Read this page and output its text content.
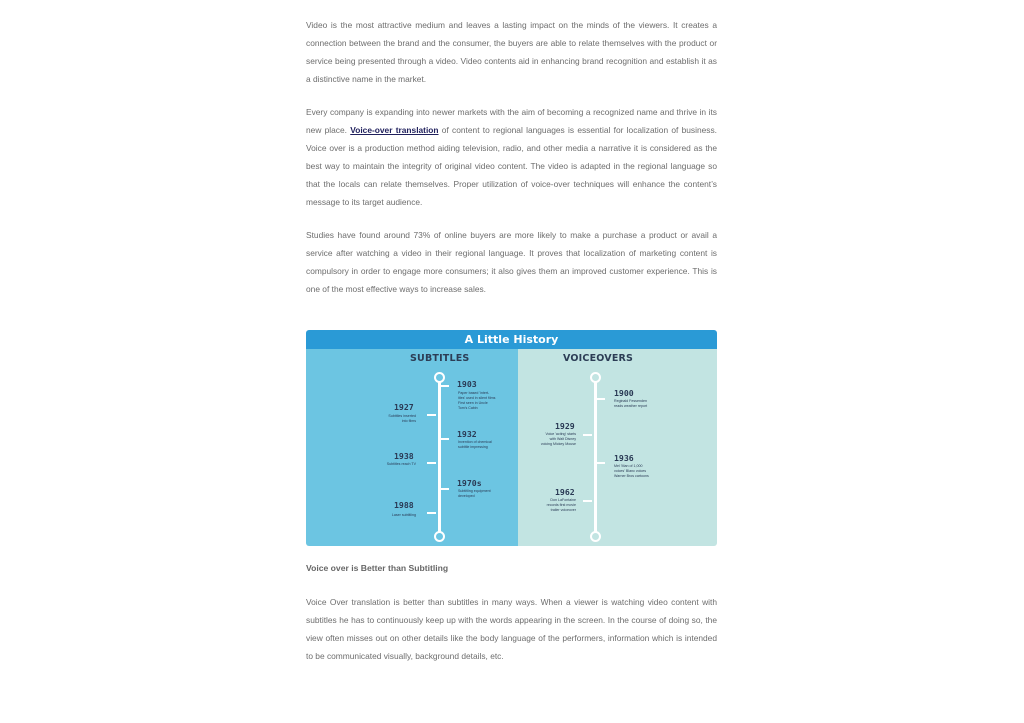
Video is the most attractive medium and leaves a lasting impact on the minds of the viewers. It creates a connection between the brand and the consumer, the buyers are able to relate themselves with the product or service being presented through a video. Video contents aid in enhancing brand recognition and establish it as a distinctive name in the market.

Every company is expanding into newer markets with the aim of becoming a recognized name and thrive in its new place. Voice-over translation of content to regional languages is essential for localization of business. Voice over is a production method aiding television, radio, and other media a narrative it is considered as the best way to maintain the integrity of original video content. The video is adapted in the regional language so that the locals can relate themselves. Proper utilization of voice-over techniques will enhance the content’s message to its target audience.

Studies have found around 73% of online buyers are more likely to make a purchase a product or avail a service after watching a video in their regional language. It proves that localization of marketing content is compulsory in order to engage more consumers; it also gives them an improved customer experience. This is one of the most effective ways to increase sales.

A Little History
SUBTITLES	VOICEOVERS
1903
Paper based 'intert-
itles' used in silent films
First seen in Uncle
Tom's Cabin
1927
Subtitles inserted
into films
1932
Invention of chemical
subtitle impressing
1938
Subtitles reach TV
1970s
Subtitling equipment
developed
1988
Laser subtitling
1900
Reginald Fessenden
reads weather report
1929
Voice 'acting' starts
with Walt Disney
voicing Mickey Mouse
1936
Mel 'Man of 1,000
voices' Blanc voices
Warner Bros cartoons
1962
Don LaFontaine
records first movie
trailer voiceover

Voice over is Better than Subtitling

Voice Over translation is better than subtitles in many ways. When a viewer is watching video content with subtitles he has to continuously keep up with the words appearing in the screen. In the course of doing so, the view often misses out on other details like the body language of the performers, information which is intended to be communicated visually, background details, etc.
